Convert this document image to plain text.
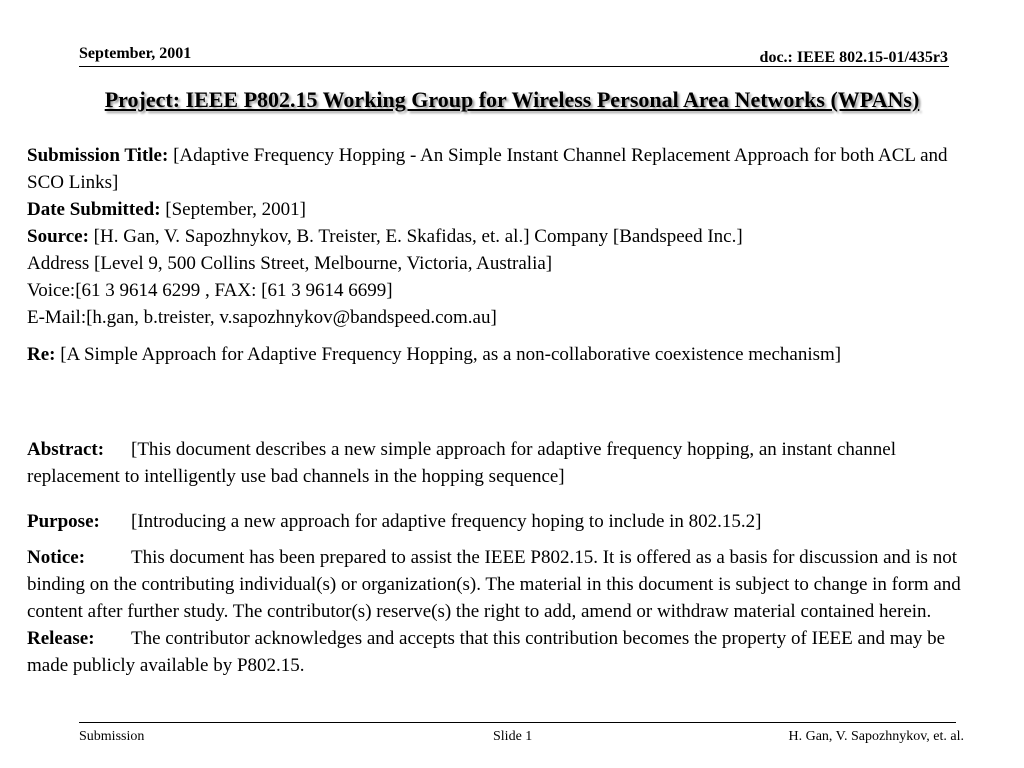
September, 2001	doc.: IEEE 802.15-01/435r3
Project: IEEE P802.15 Working Group for Wireless Personal Area Networks (WPANs)

Submission Title: [Adaptive Frequency Hopping - An Simple Instant Channel Replacement Approach for both ACL and SCO Links]

Date Submitted: [September, 2001]

Source: [H. Gan, V. Sapozhnykov, B. Treister, E. Skafidas, et. al.] Company [Bandspeed Inc.]

Address [Level 9, 500 Collins Street, Melbourne, Victoria, Australia]

Voice:[61 3 9614 6299 , FAX: [61 3 9614 6699]

E-Mail:[h.gan, b.treister, v.sapozhnykov@bandspeed.com.au]

Re: [A Simple Approach for Adaptive Frequency Hopping, as a non-collaborative coexistence mechanism]

Abstract: [This document describes a new simple approach for adaptive frequency hopping, an instant channel replacement to intelligently use bad channels in the hopping sequence]

Purpose: [Introducing a new approach for adaptive frequency hoping to include in 802.15.2]

Notice: This document has been prepared to assist the IEEE P802.15. It is offered as a basis for discussion and is not binding on the contributing individual(s) or organization(s). The material in this document is subject to change in form and content after further study. The contributor(s) reserve(s) the right to add, amend or withdraw material contained herein.

Release: The contributor acknowledges and accepts that this contribution becomes the property of IEEE and may be made publicly available by P802.15.

Submission	Slide 1	H. Gan, V. Sapozhnykov, et. al.
